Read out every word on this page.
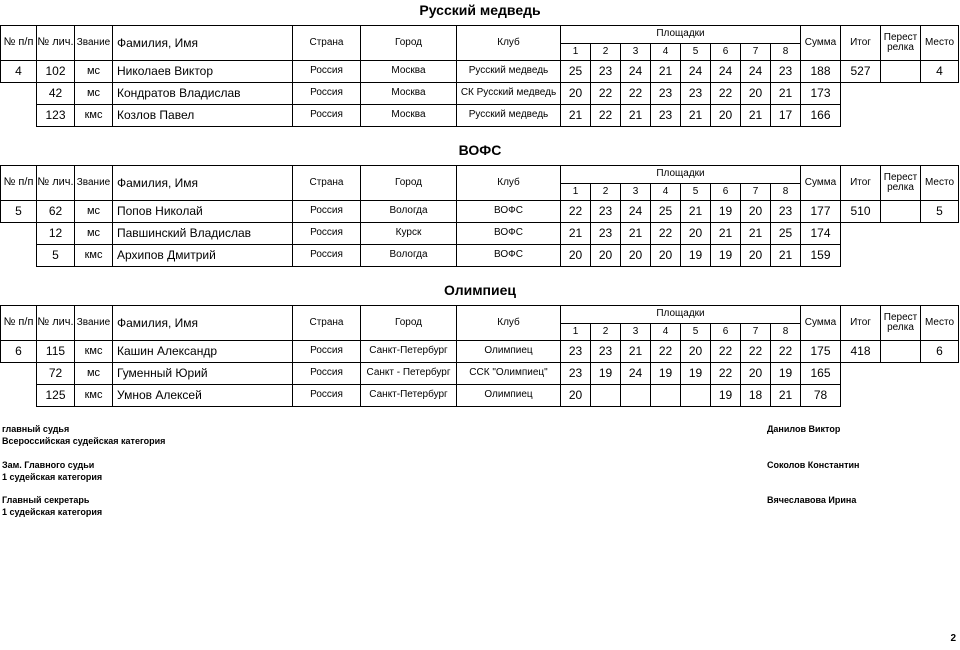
Русский медведь
№ п/п	№ лич.	Звание	Фамилия, Имя	Страна	Город	Клуб	Площадки								Сумма	Итог	Перест релка	Место
							1	2	3	4	5	6	7	8				
4	102	мс	Николаев Виктор	Россия	Москва	Русский медведь	25	23	24	21	24	24	24	23	188	527		4
	42	мс	Кондратов Владислав	Россия	Москва	СК Русский медведь	20	22	22	23	23	22	20	21	173			
	123	кмс	Козлов Павел	Россия	Москва	Русский медведь	21	22	21	23	21	20	21	17	166			
ВОФС
№ п/п	№ лич.	Звание	Фамилия, Имя	Страна	Город	Клуб	Площадки								Сумма	Итог	Перест релка	Место
							1	2	3	4	5	6	7	8				
5	62	мс	Попов Николай	Россия	Вологда	ВОФС	22	23	24	25	21	19	20	23	177	510		5
	12	мс	Павшинский Владислав	Россия	Курск	ВОФС	21	23	21	22	20	21	21	25	174			
	5	кмс	Архипов Дмитрий	Россия	Вологда	ВОФС	20	20	20	20	19	19	20	21	159			
Олимпиец
№ п/п	№ лич.	Звание	Фамилия, Имя	Страна	Город	Клуб	Площадки								Сумма	Итог	Перест релка	Место
							1	2	3	4	5	6	7	8				
6	115	кмс	Кашин Александр	Россия	Санкт-Петербург	Олимпиец	23	23	21	22	20	22	22	22	175	418		6
	72	мс	Гуменный Юрий	Россия	Санкт - Петербург	ССК "Олимпиец"	23	19	24	19	19	22	20	19	165			
	125	кмс	Умнов Алексей	Россия	Санкт-Петербург	Олимпиец	20					19	18	21	78			
главный судья
Всероссийская судейская категория
Данилов Виктор
Зам. Главного судьи
1 судейская категория
Соколов Константин
Главный секретарь
1 судейская категория
Вячеславова Ирина
2
